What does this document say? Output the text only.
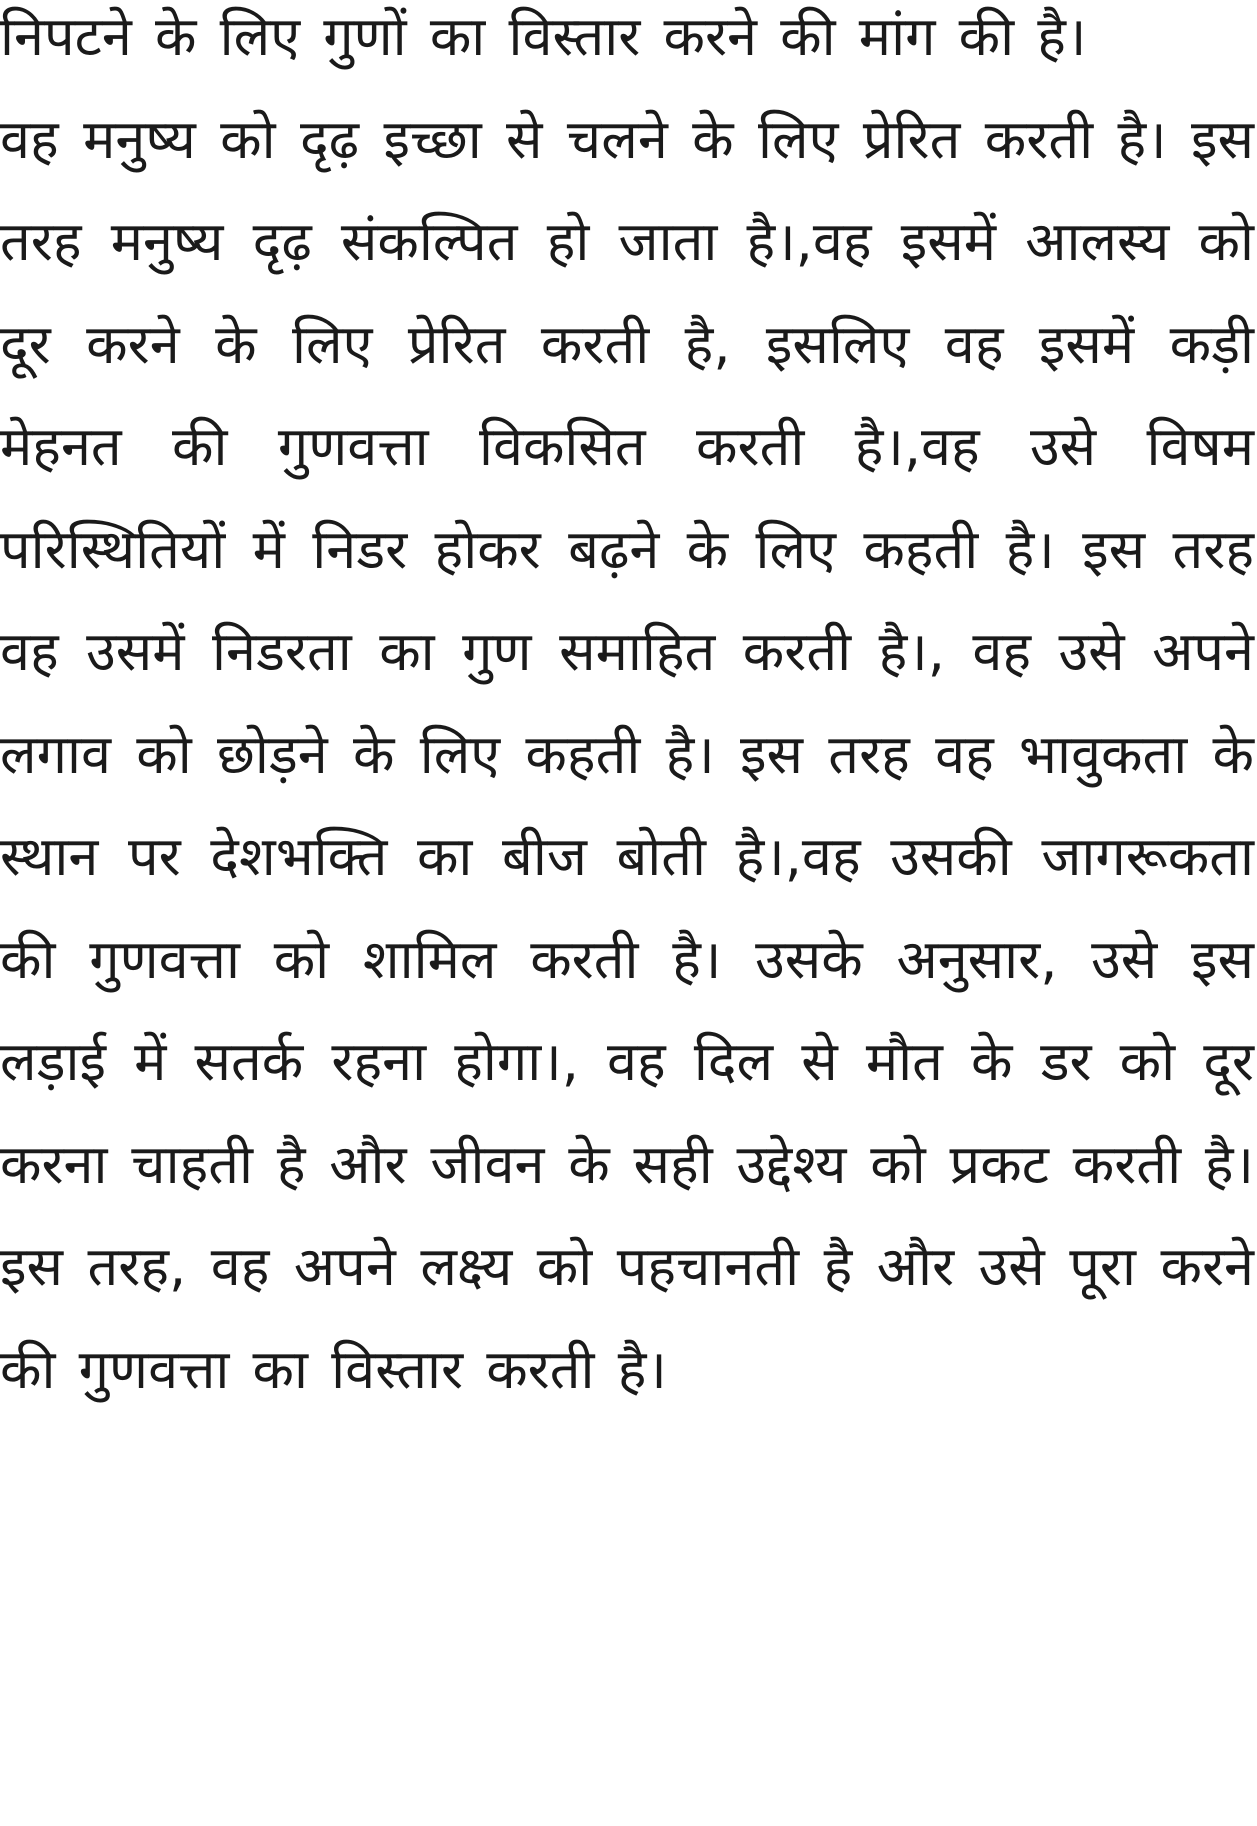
निपटने के लिए गुणों का विस्तार करने की मांग की है।

वह मनुष्य को दृढ़ इच्छा से चलने के लिए प्रेरित करती है। इस तरह मनुष्य दृढ़ संकल्पित हो जाता है।,वह इसमें आलस्य को दूर करने के लिए प्रेरित करती है, इसलिए वह इसमें कड़ी मेहनत की गुणवत्ता विकसित करती है।,वह उसे विषम परिस्थितियों में निडर होकर बढ़ने के लिए कहती है। इस तरह वह उसमें निडरता का गुण समाहित करती है।, वह उसे अपने लगाव को छोड़ने के लिए कहती है। इस तरह वह भावुकता के स्थान पर देशभक्ति का बीज बोती है।,वह उसकी जागरूकता की गुणवत्ता को शामिल करती है। उसके अनुसार, उसे इस लड़ाई में सतर्क रहना होगा।, वह दिल से मौत के डर को दूर करना चाहती है और जीवन के सही उद्देश्य को प्रकट करती है। इस तरह, वह अपने लक्ष्य को पहचानती है और उसे पूरा करने की गुणवत्ता का विस्तार करती है।
